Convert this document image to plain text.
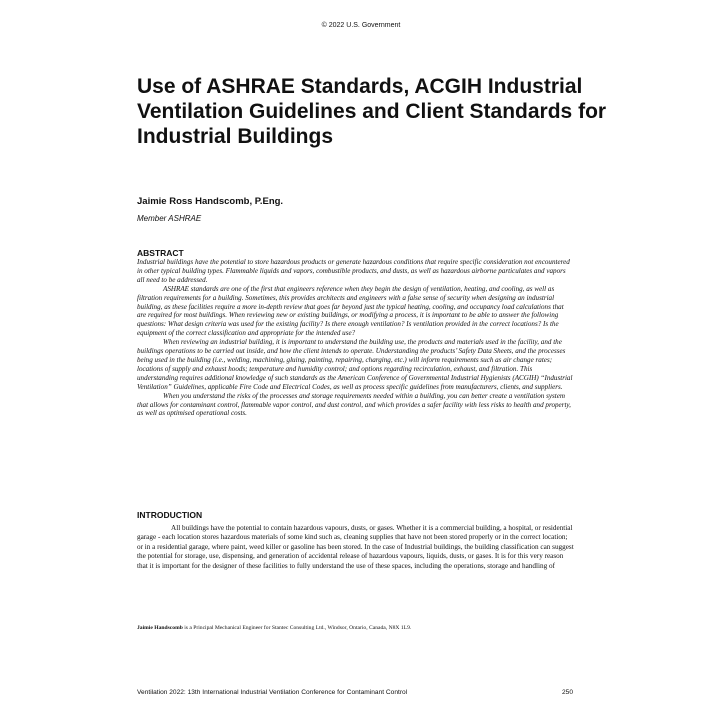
© 2022 U.S. Government
Use of ASHRAE Standards, ACGIH Industrial Ventilation Guidelines and Client Standards for Industrial Buildings
Jaimie Ross Handscomb, P.Eng.
Member ASHRAE
ABSTRACT

Industrial buildings have the potential to store hazardous products or generate hazardous conditions that require specific consideration not encountered in other typical building types. Flammable liquids and vapors, combustible products, and dusts, as well as hazardous airborne particulates and vapors all need to be addressed.

ASHRAE standards are one of the first that engineers reference when they begin the design of ventilation, heating, and cooling, as well as filtration requirements for a building. Sometimes, this provides architects and engineers with a false sense of security when designing an industrial building, as these facilities require a more in-depth review that goes far beyond just the typical heating, cooling, and occupancy load calculations that are required for most buildings. When reviewing new or existing buildings, or modifying a process, it is important to be able to answer the following questions: What design criteria was used for the existing facility? Is there enough ventilation? Is ventilation provided in the correct locations? Is the equipment of the correct classification and appropriate for the intended use?

When reviewing an industrial building, it is important to understand the building use, the products and materials used in the facility, and the buildings operations to be carried out inside, and how the client intends to operate. Understanding the products’ Safety Data Sheets, and the processes being used in the building (i.e., welding, machining, gluing, painting, repairing, charging, etc.) will inform requirements such as air change rates; locations of supply and exhaust hoods; temperature and humidity control; and options regarding recirculation, exhaust, and filtration. This understanding requires additional knowledge of such standards as the American Conference of Governmental Industrial Hygienists (ACGIH) “Industrial Ventilation” Guidelines, applicable Fire Code and Electrical Codes, as well as process specific guidelines from manufacturers, clients, and suppliers.

When you understand the risks of the processes and storage requirements needed within a building, you can better create a ventilation system that allows for contaminant control, flammable vapor control, and dust control, and which provides a safer facility with less risks to health and property, as well as optimised operational costs.

INTRODUCTION

All buildings have the potential to contain hazardous vapours, dusts, or gases. Whether it is a commercial building, a hospital, or residential garage - each location stores hazardous materials of some kind such as, cleaning supplies that have not been stored properly or in the correct location; or in a residential garage, where paint, weed killer or gasoline has been stored. In the case of Industrial buildings, the building classification can suggest the potential for storage, use, dispensing, and generation of accidental release of hazardous vapours, liquids, dusts, or gases. It is for this very reason that it is important for the designer of these facilities to fully understand the use of these spaces, including the operations, storage and handling of

Jaimie Handscomb is a Principal Mechanical Engineer for Stantec Consulting Ltd., Windsor, Ontario, Canada, N8X 1L9.
Ventilation 2022: 13th International Industrial Ventilation Conference for Contaminant Control	250
